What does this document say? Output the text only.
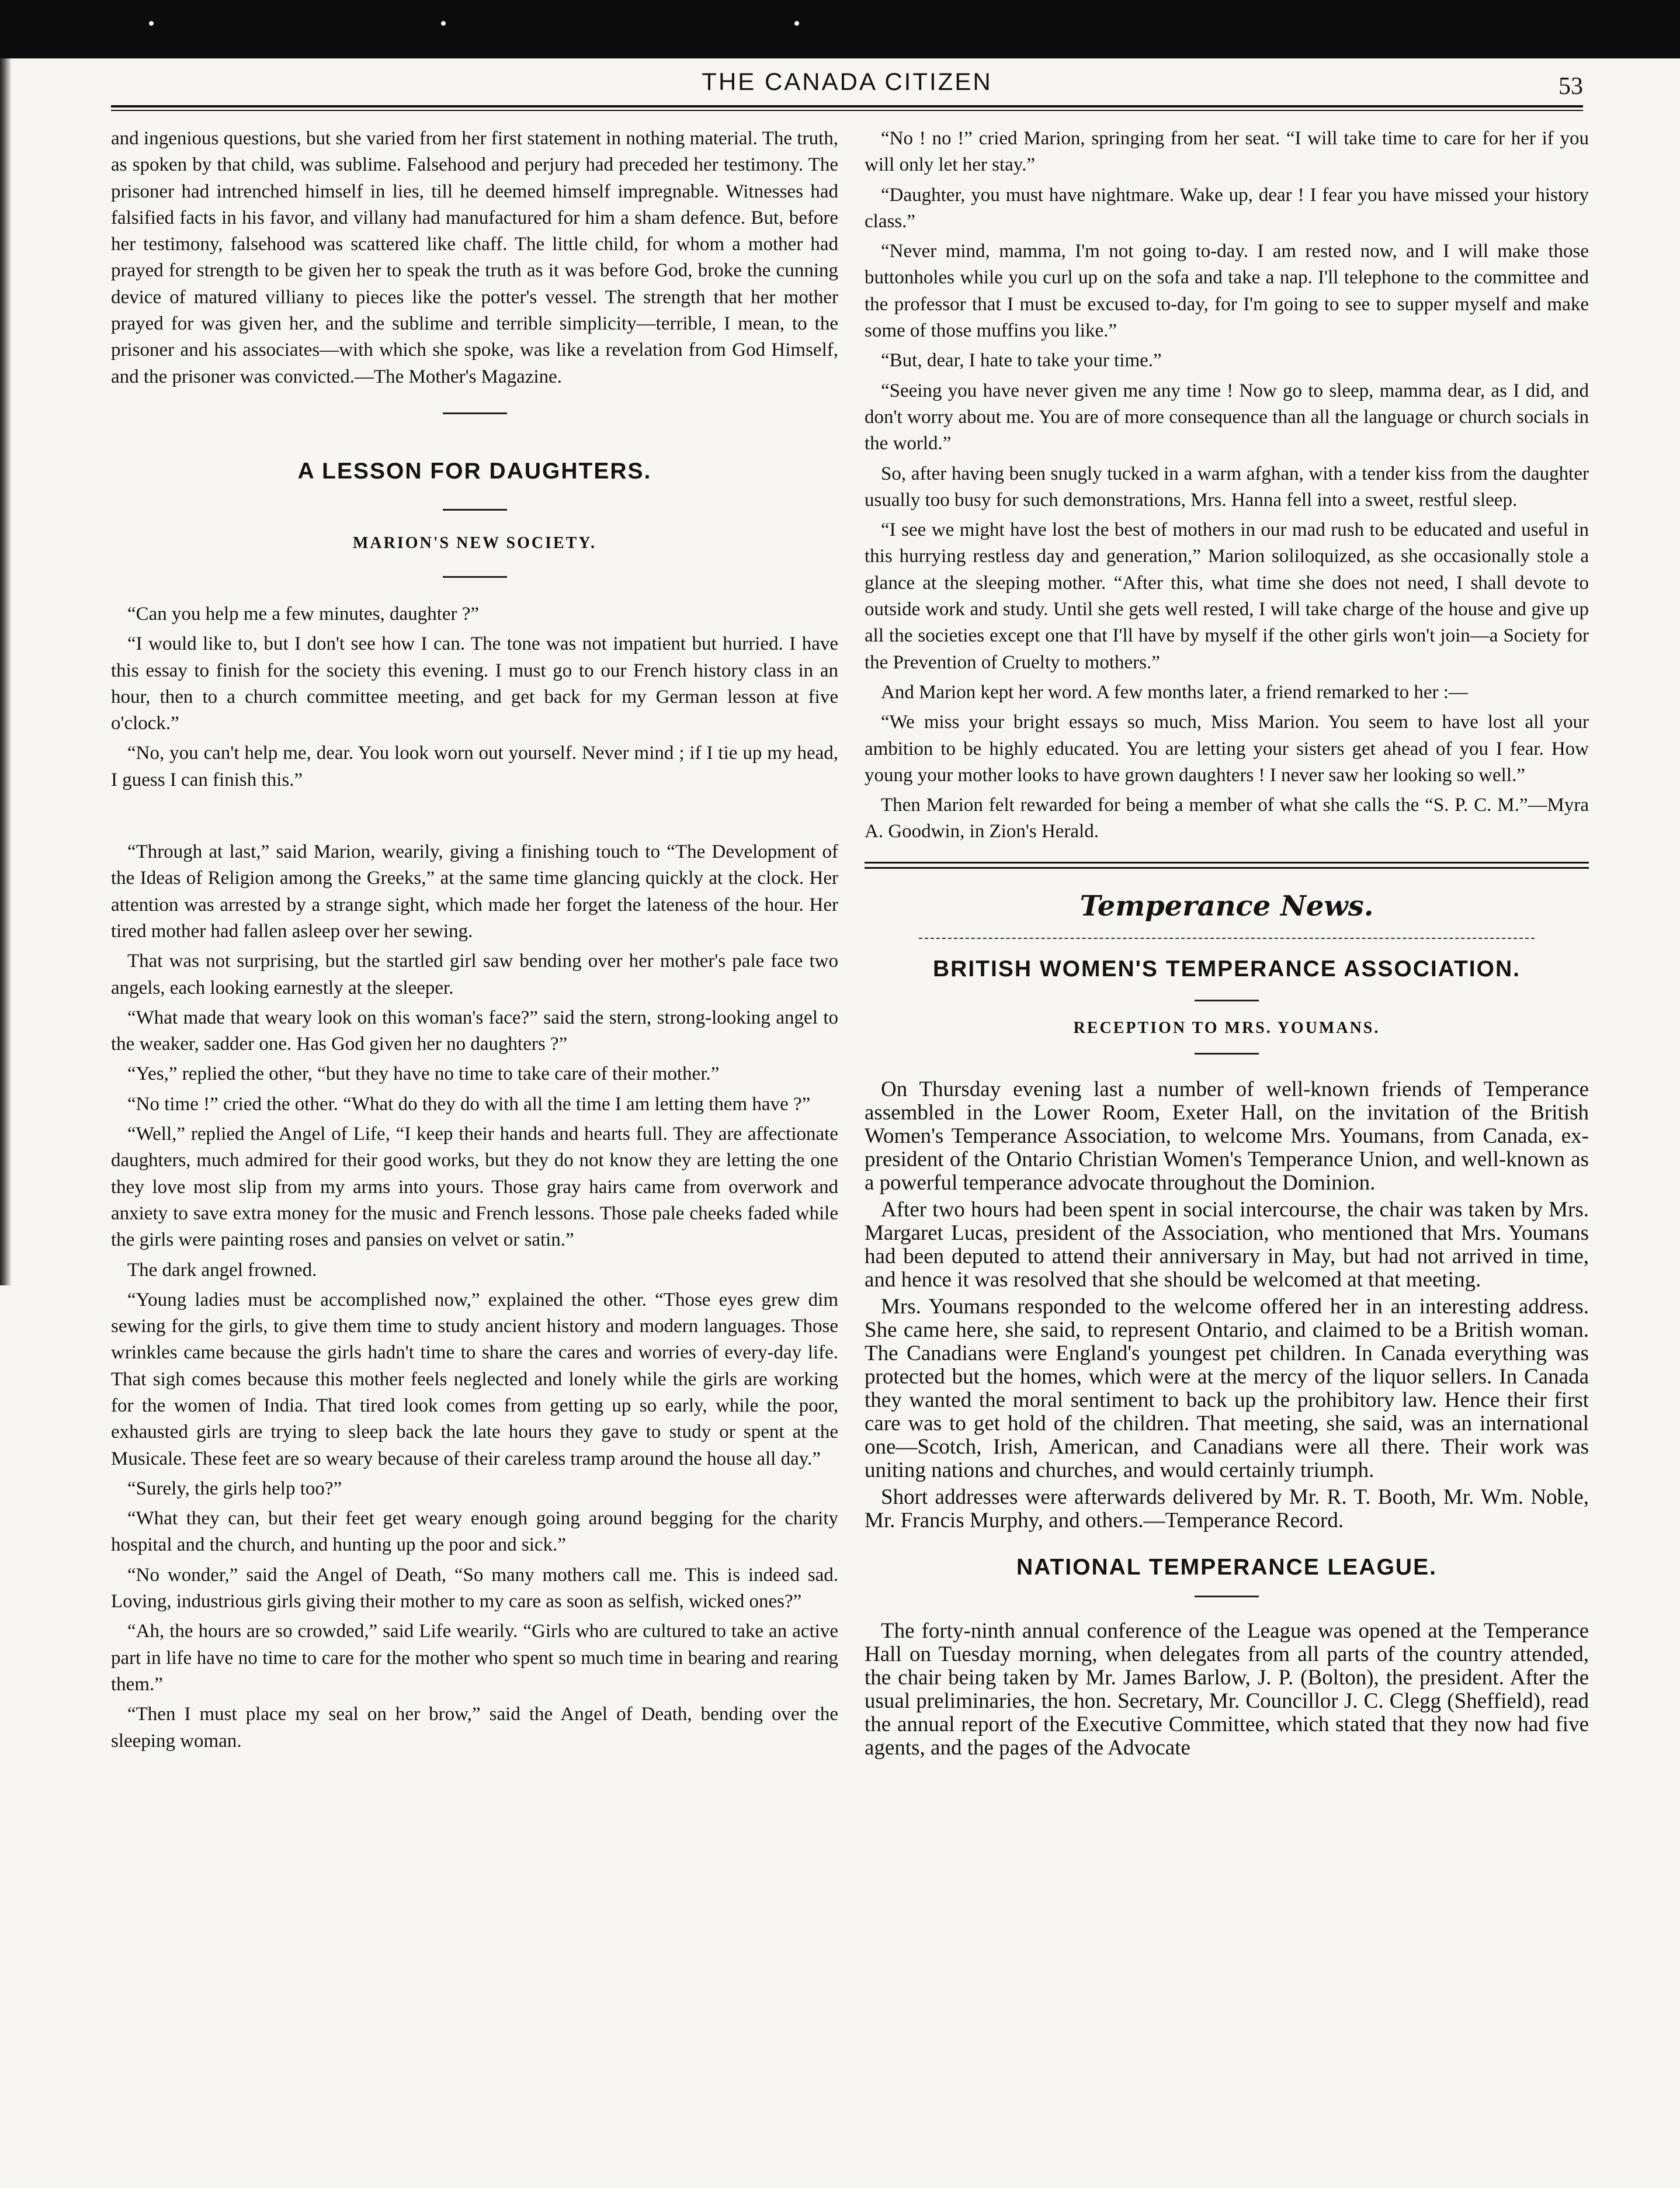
THE CANADA CITIZEN	53

and ingenious questions, but she varied from her first statement in nothing material. The truth, as spoken by that child, was sublime. Falsehood and perjury had preceded her testimony. The prisoner had intrenched himself in lies, till he deemed himself impregnable. Witnesses had falsified facts in his favor, and villany had manufactured for him a sham defence. But, before her testimony, falsehood was scattered like chaff. The little child, for whom a mother had prayed for strength to be given her to speak the truth as it was before God, broke the cunning device of matured villiany to pieces like the potter's vessel. The strength that her mother prayed for was given her, and the sublime and terrible simplicity—terrible, I mean, to the prisoner and his associates—with which she spoke, was like a revelation from God Himself, and the prisoner was convicted.—The Mother's Magazine.

A LESSON FOR DAUGHTERS.
MARION'S NEW SOCIETY.

“Can you help me a few minutes, daughter ?”

“I would like to, but I don't see how I can. The tone was not impatient but hurried. I have this essay to finish for the society this evening. I must go to our French history class in an hour, then to a church committee meeting, and get back for my German lesson at five o'clock.”

“No, you can't help me, dear. You look worn out yourself. Never mind ; if I tie up my head, I guess I can finish this.”

“Through at last,” said Marion, wearily, giving a finishing touch to “The Development of the Ideas of Religion among the Greeks,” at the same time glancing quickly at the clock. Her attention was arrested by a strange sight, which made her forget the lateness of the hour. Her tired mother had fallen asleep over her sewing.

That was not surprising, but the startled girl saw bending over her mother's pale face two angels, each looking earnestly at the sleeper.

“What made that weary look on this woman's face?” said the stern, strong-looking angel to the weaker, sadder one. Has God given her no daughters ?”

“Yes,” replied the other, “but they have no time to take care of their mother.”

“No time !” cried the other. “What do they do with all the time I am letting them have ?”

“Well,” replied the Angel of Life, “I keep their hands and hearts full. They are affectionate daughters, much admired for their good works, but they do not know they are letting the one they love most slip from my arms into yours. Those gray hairs came from overwork and anxiety to save extra money for the music and French lessons. Those pale cheeks faded while the girls were painting roses and pansies on velvet or satin.”

The dark angel frowned.

“Young ladies must be accomplished now,” explained the other. “Those eyes grew dim sewing for the girls, to give them time to study ancient history and modern languages. Those wrinkles came because the girls hadn't time to share the cares and worries of every-day life. That sigh comes because this mother feels neglected and lonely while the girls are working for the women of India. That tired look comes from getting up so early, while the poor, exhausted girls are trying to sleep back the late hours they gave to study or spent at the Musicale. These feet are so weary because of their careless tramp around the house all day.”

“Surely, the girls help too?”

“What they can, but their feet get weary enough going around begging for the charity hospital and the church, and hunting up the poor and sick.”

“No wonder,” said the Angel of Death, “So many mothers call me. This is indeed sad. Loving, industrious girls giving their mother to my care as soon as selfish, wicked ones?”

“Ah, the hours are so crowded,” said Life wearily. “Girls who are cultured to take an active part in life have no time to care for the mother who spent so much time in bearing and rearing them.”

“Then I must place my seal on her brow,” said the Angel of Death, bending over the sleeping woman.

“No ! no !” cried Marion, springing from her seat. “I will take time to care for her if you will only let her stay.”

“Daughter, you must have nightmare. Wake up, dear ! I fear you have missed your history class.”

“Never mind, mamma, I'm not going to-day. I am rested now, and I will make those buttonholes while you curl up on the sofa and take a nap. I'll telephone to the committee and the professor that I must be excused to-day, for I'm going to see to supper myself and make some of those muffins you like.”

“But, dear, I hate to take your time.”

“Seeing you have never given me any time ! Now go to sleep, mamma dear, as I did, and don't worry about me. You are of more consequence than all the language or church socials in the world.”

So, after having been snugly tucked in a warm afghan, with a tender kiss from the daughter usually too busy for such demonstrations, Mrs. Hanna fell into a sweet, restful sleep.

“I see we might have lost the best of mothers in our mad rush to be educated and useful in this hurrying restless day and generation,” Marion soliloquized, as she occasionally stole a glance at the sleeping mother. “After this, what time she does not need, I shall devote to outside work and study. Until she gets well rested, I will take charge of the house and give up all the societies except one that I'll have by myself if the other girls won't join—a Society for the Prevention of Cruelty to mothers.”

And Marion kept her word. A few months later, a friend remarked to her :—

“We miss your bright essays so much, Miss Marion. You seem to have lost all your ambition to be highly educated. You are letting your sisters get ahead of you I fear. How young your mother looks to have grown daughters ! I never saw her looking so well.”

Then Marion felt rewarded for being a member of what she calls the “S. P. C. M.”—Myra A. Goodwin, in Zion's Herald.

Temperance News.
BRITISH WOMEN'S TEMPERANCE ASSOCIATION.
RECEPTION TO MRS. YOUMANS.

On Thursday evening last a number of well-known friends of Temperance assembled in the Lower Room, Exeter Hall, on the invitation of the British Women's Temperance Association, to welcome Mrs. Youmans, from Canada, ex-president of the Ontario Christian Women's Temperance Union, and well-known as a powerful temperance advocate throughout the Dominion.

After two hours had been spent in social intercourse, the chair was taken by Mrs. Margaret Lucas, president of the Association, who mentioned that Mrs. Youmans had been deputed to attend their anniversary in May, but had not arrived in time, and hence it was resolved that she should be welcomed at that meeting.

Mrs. Youmans responded to the welcome offered her in an interesting address. She came here, she said, to represent Ontario, and claimed to be a British woman. The Canadians were England's youngest pet children. In Canada everything was protected but the homes, which were at the mercy of the liquor sellers. In Canada they wanted the moral sentiment to back up the prohibitory law. Hence their first care was to get hold of the children. That meeting, she said, was an international one—Scotch, Irish, American, and Canadians were all there. Their work was uniting nations and churches, and would certainly triumph.

Short addresses were afterwards delivered by Mr. R. T. Booth, Mr. Wm. Noble, Mr. Francis Murphy, and others.—Temperance Record.

NATIONAL TEMPERANCE LEAGUE.

The forty-ninth annual conference of the League was opened at the Temperance Hall on Tuesday morning, when delegates from all parts of the country attended, the chair being taken by Mr. James Barlow, J. P. (Bolton), the president. After the usual preliminaries, the hon. Secretary, Mr. Councillor J. C. Clegg (Sheffield), read the annual report of the Executive Committee, which stated that they now had five agents, and the pages of the Advocate
